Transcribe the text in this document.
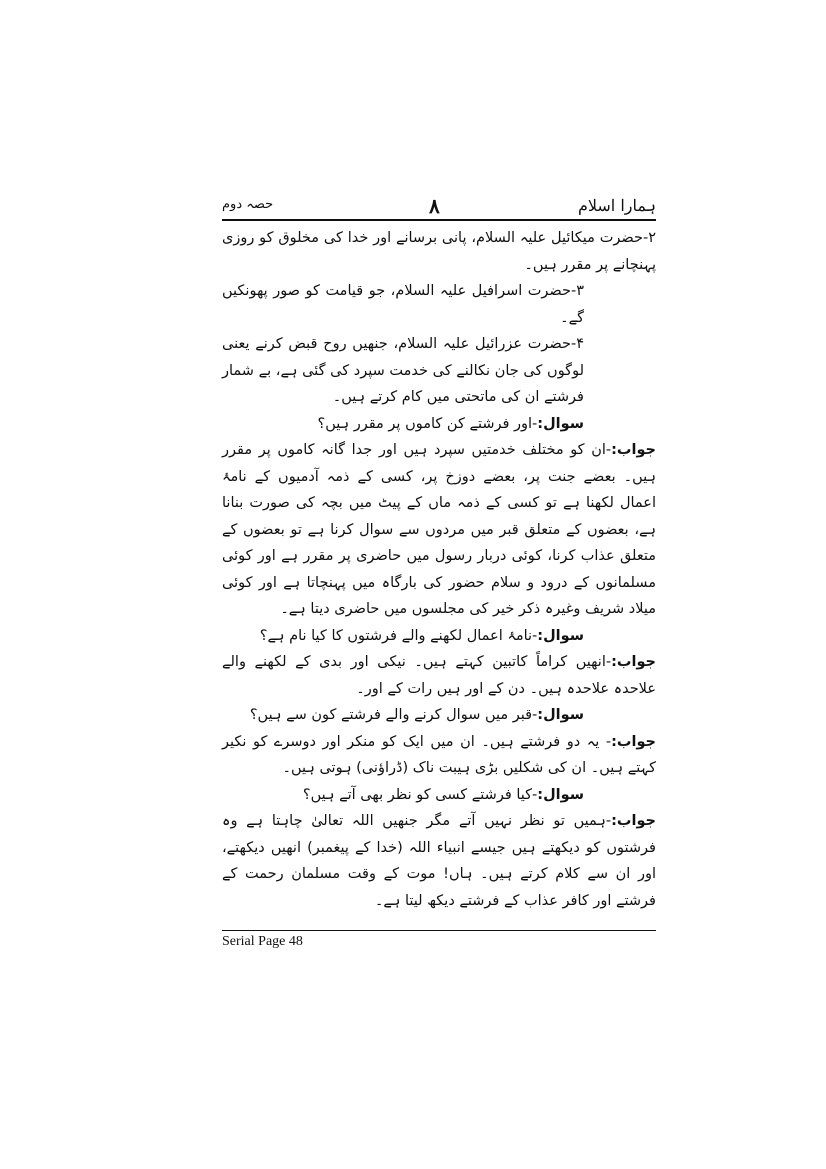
ہمارا اسلام
۸
حصہ دوم

۲-حضرت میکائیل علیہ السلام، پانی برسانے اور خدا کی مخلوق کو روزی پہنچانے پر مقرر ہیں۔

۳-حضرت اسرافیل علیہ السلام، جو قیامت کو صور پھونکیں گے۔

۴-حضرت عزرائیل علیہ السلام، جنھیں روح قبض کرنے یعنی لوگوں کی جان نکالنے کی خدمت سپرد کی گئی ہے، بے شمار فرشتے ان کی ماتحتی میں کام کرتے ہیں۔

سوال:-اور فرشتے کن کاموں پر مقرر ہیں؟

جواب:-ان کو مختلف خدمتیں سپرد ہیں اور جدا گانہ کاموں پر مقرر ہیں۔ بعضے جنت پر، بعضے دوزخ پر، کسی کے ذمہ آدمیوں کے نامۂ اعمال لکھنا ہے تو کسی کے ذمہ ماں کے پیٹ میں بچہ کی صورت بنانا ہے، بعضوں کے متعلق قبر میں مردوں سے سوال کرنا ہے تو بعضوں کے متعلق عذاب کرنا، کوئی دربار رسول میں حاضری پر مقرر ہے اور کوئی مسلمانوں کے درود و سلام حضور کی بارگاہ میں پہنچاتا ہے اور کوئی میلاد شریف وغیرہ ذکر خیر کی مجلسوں میں حاضری دیتا ہے۔

سوال:-نامۂ اعمال لکھنے والے فرشتوں کا کیا نام ہے؟

جواب:-انھیں کراماً کاتبین کہتے ہیں۔ نیکی اور بدی کے لکھنے والے علاحدہ علاحدہ ہیں۔ دن کے اور ہیں رات کے اور۔

سوال:-قبر میں سوال کرنے والے فرشتے کون سے ہیں؟

جواب:- یہ دو فرشتے ہیں۔ ان میں ایک کو منکر اور دوسرے کو نکیر کہتے ہیں۔ ان کی شکلیں بڑی ہیبت ناک (ڈراؤنی) ہوتی ہیں۔

سوال:-کیا فرشتے کسی کو نظر بھی آتے ہیں؟

جواب:-ہمیں تو نظر نہیں آتے مگر جنھیں اللہ تعالیٰ چاہتا ہے وہ فرشتوں کو دیکھتے ہیں جیسے انبیاء اللہ (خدا کے پیغمبر) انھیں دیکھتے، اور ان سے کلام کرتے ہیں۔ ہاں! موت کے وقت مسلمان رحمت کے فرشتے اور کافر عذاب کے فرشتے دیکھ لیتا ہے۔

Serial Page 48
